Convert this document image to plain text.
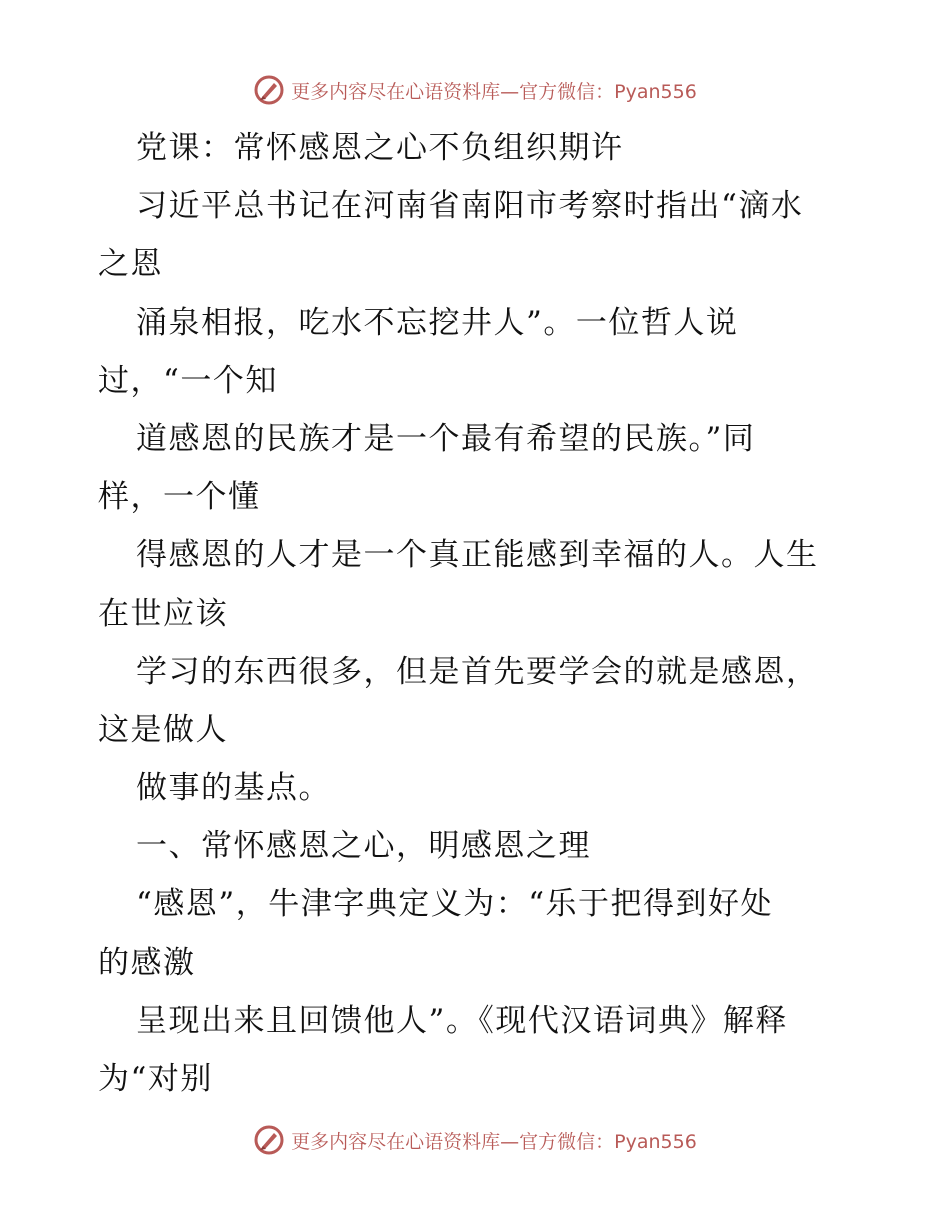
更多内容尽在心语资料库—官方微信：Pyan556
党课：常怀感恩之心不负组织期许
习近平总书记在河南省南阳市考察时指出“滴水
之恩
涌泉相报，吃水不忘挖井人”。一位哲人说
过，“一个知
道感恩的民族才是一个最有希望的民族。”同
样，一个懂
得感恩的人才是一个真正能感到幸福的人。人生
在世应该
学习的东西很多，但是首先要学会的就是感恩，
这是做人
做事的基点。
一、常怀感恩之心，明感恩之理
“感恩”，牛津字典定义为：“乐于把得到好处
的感激
呈现出来且回馈他人”。《现代汉语词典》解释
为“对别
更多内容尽在心语资料库—官方微信：Pyan556
